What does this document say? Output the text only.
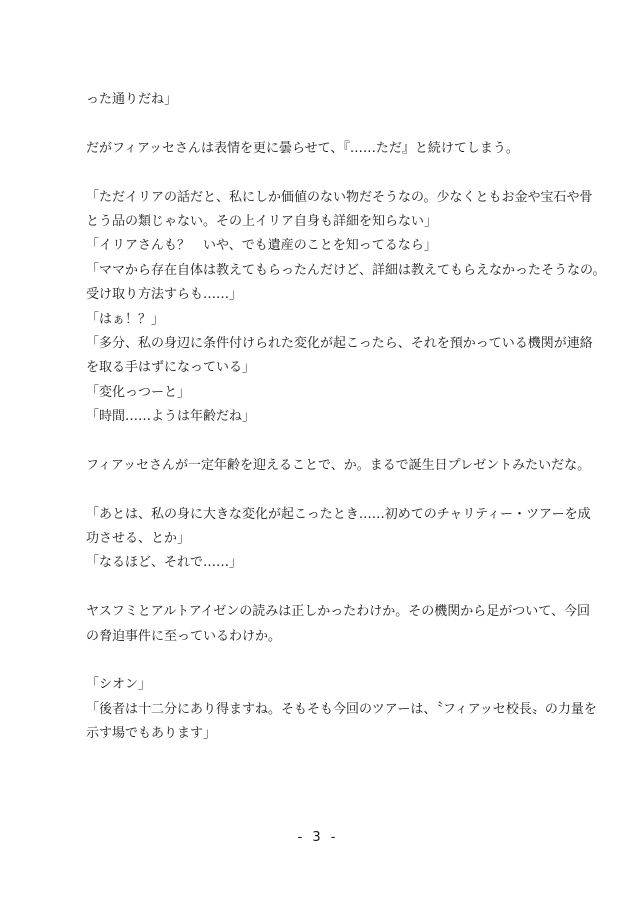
った通りだね」
だがフィアッセさんは表情を更に曇らせて、『……ただ』と続けてしまう。
「ただイリアの話だと、私にしか価値のない物だそうなの。少なくともお金や宝石や骨
とう品の類じゃない。その上イリア自身も詳細を知らない」
「イリアさんも？　いや、でも遺産のことを知ってるなら」
「ママから存在自体は教えてもらったんだけど、詳細は教えてもらえなかったそうなの。
受け取り方法すらも……」
「はぁ！？」
「多分、私の身辺に条件付けられた変化が起こったら、それを預かっている機関が連絡
を取る手はずになっている」
「変化っつーと」
「時間……ようは年齢だね」
フィアッセさんが一定年齢を迎えることで、か。まるで誕生日プレゼントみたいだな。
「あとは、私の身に大きな変化が起こったとき……初めてのチャリティー・ツアーを成
功させる、とか」
「なるほど、それで……」
ヤスフミとアルトアイゼンの読みは正しかったわけか。その機関から足がついて、今回
の脅迫事件に至っているわけか。
「シオン」
「後者は十二分にあり得ますね。そもそも今回のツアーは、〝フィアッセ校長〟の力量を
示す場でもあります」
- 3 -
